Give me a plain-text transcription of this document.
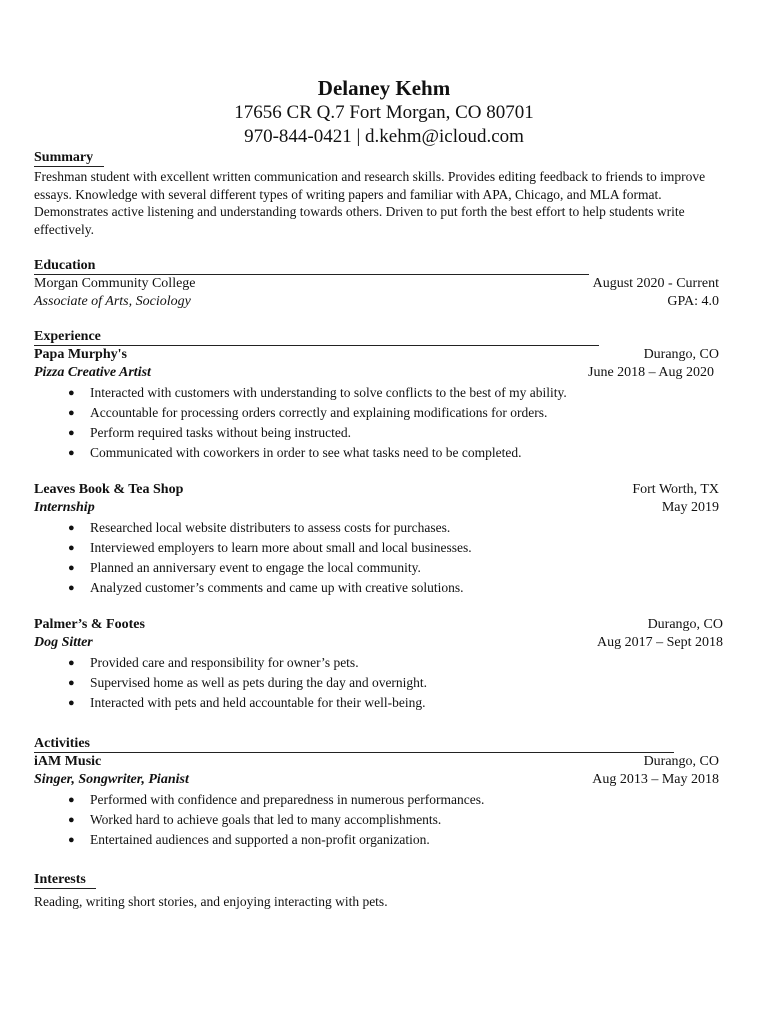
Delaney Kehm
17656 CR Q.7 Fort Morgan, CO 80701
970-844-0421 | d.kehm@icloud.com
Summary
Freshman student with excellent written communication and research skills. Provides editing feedback to friends to improve essays. Knowledge with several different types of writing papers and familiar with APA, Chicago, and MLA format. Demonstrates active listening and understanding towards others. Driven to put forth the best effort to help students write effectively.
Education
Morgan Community College	August 2020 - Current
Associate of Arts, Sociology	GPA: 4.0
Experience
Papa Murphy's	Durango, CO
Pizza Creative Artist	June 2018 – Aug 2020
● Interacted with customers with understanding to solve conflicts to the best of my ability.
● Accountable for processing orders correctly and explaining modifications for orders.
● Perform required tasks without being instructed.
● Communicated with coworkers in order to see what tasks need to be completed.
Leaves Book & Tea Shop	Fort Worth, TX
Internship	May 2019
● Researched local website distributers to assess costs for purchases.
● Interviewed employers to learn more about small and local businesses.
● Planned an anniversary event to engage the local community.
● Analyzed customer’s comments and came up with creative solutions.
Palmer’s & Footes	Durango, CO
Dog Sitter	Aug 2017 – Sept 2018
● Provided care and responsibility for owner’s pets.
● Supervised home as well as pets during the day and overnight.
● Interacted with pets and held accountable for their well-being.
Activities
iAM Music	Durango, CO
Singer, Songwriter, Pianist	Aug 2013 – May 2018
● Performed with confidence and preparedness in numerous performances.
● Worked hard to achieve goals that led to many accomplishments.
● Entertained audiences and supported a non-profit organization.
Interests
Reading, writing short stories, and enjoying interacting with pets.
